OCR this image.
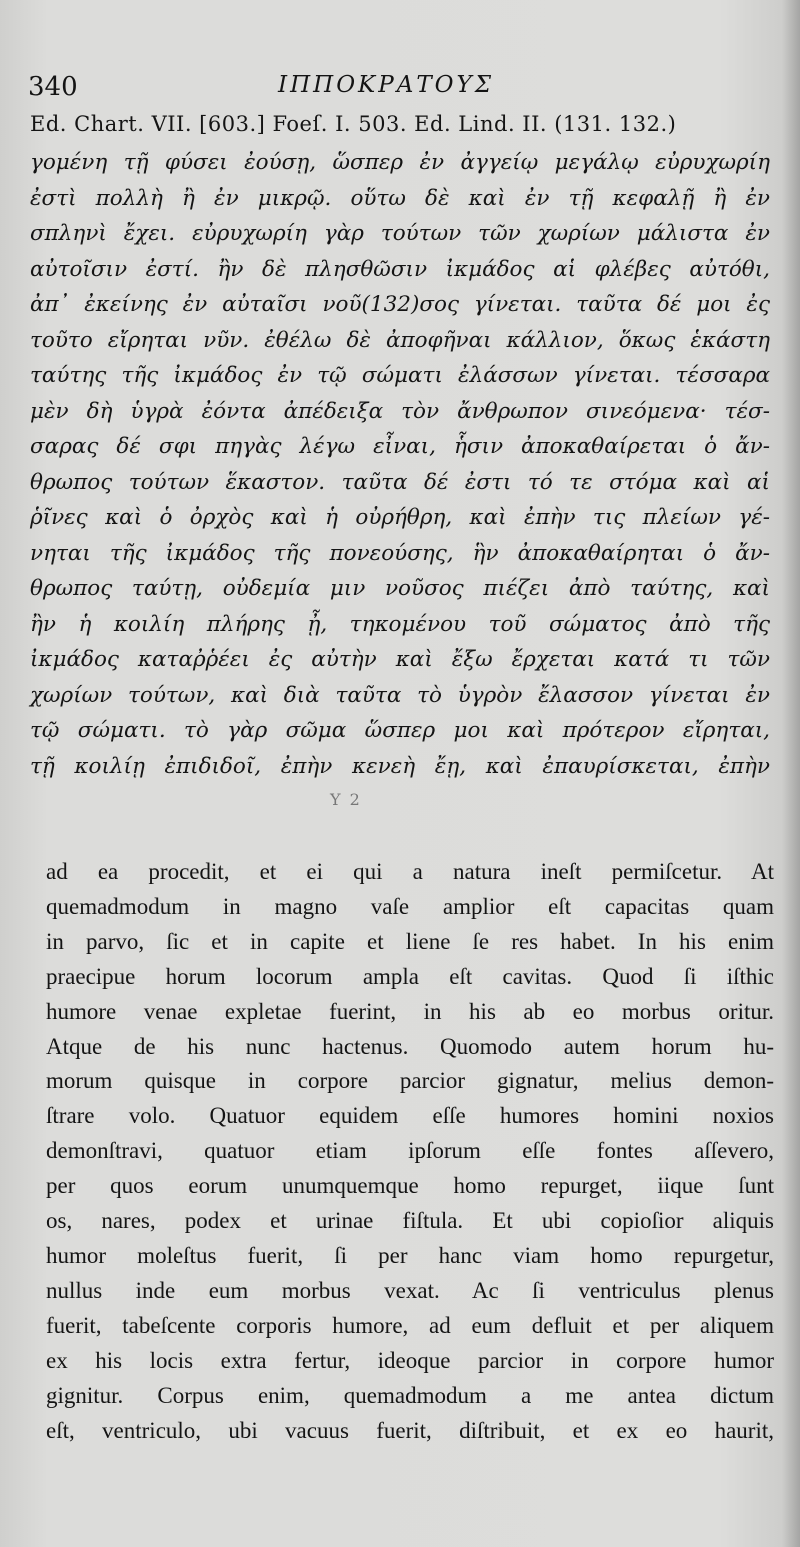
340	ΙΠΠΟΚΡΑΤΟΥΣ
Ed. Chart. VII. [603.] Foeſ. I. 503. Ed. Lind. II. (131. 132.)
γομένη τῇ φύσει ἐούσῃ, ὥσπερ ἐν ἀγγείῳ μεγάλῳ εὐρυχωρίη
ἐστὶ πολλὴ ἢ ἐν μικρῷ. οὕτω δὲ καὶ ἐν τῇ κεφαλῇ ἢ ἐν
σπληνὶ ἔχει. εὐρυχωρίη γὰρ τούτων τῶν χωρίων μάλιστα ἐν
αὐτοῖσιν ἐστί. ἢν δὲ πλησθῶσιν ἰκμάδος αἱ φλέβες αὐτόθι,
ἀπ᾽ ἐκείνης ἐν αὐταῖσι νοῦ(132)σος γίνεται. ταῦτα δέ μοι ἐς
τοῦτο εἴρηται νῦν. ἐθέλω δὲ ἀποφῆναι κάλλιον, ὅκως ἑκάστη
ταύτης τῆς ἰκμάδος ἐν τῷ σώματι ἐλάσσων γίνεται. τέσσαρα
μὲν δὴ ὑγρὰ ἐόντα ἀπέδειξα τὸν ἄνθρωπον σινεόμενα· τέσ-
σαρας δέ σφι πηγὰς λέγω εἶναι, ἧσιν ἀποκαθαίρεται ὁ ἄν-
θρωπος τούτων ἕκαστον. ταῦτα δέ ἐστι τό τε στόμα καὶ αἱ
ῥῖνες καὶ ὁ ὀρχὸς καὶ ἡ οὐρήθρη, καὶ ἐπὴν τις πλείων γέ-
νηται τῆς ἰκμάδος τῆς πονεούσης, ἣν ἀποκαθαίρηται ὁ ἄν-
θρωπος ταύτῃ, οὐδεμία μιν νοῦσος πιέζει ἀπὸ ταύτης, καὶ
ἢν ἡ κοιλίη πλήρης ᾖ, τηκομένου τοῦ σώματος ἀπὸ τῆς
ἰκμάδος καταῤῥέει ἐς αὐτὴν καὶ ἔξω ἔρχεται κατά τι τῶν
χωρίων τούτων, καὶ διὰ ταῦτα τὸ ὑγρὸν ἔλασσον γίνεται ἐν
τῷ σώματι. τὸ γὰρ σῶμα ὥσπερ μοι καὶ πρότερον εἴρηται,
τῇ κοιλίῃ ἐπιδιδοῖ, ἐπὴν κενεὴ ἔῃ, καὶ ἐπαυρίσκεται, ἐπὴν
Y 2
ad ea procedit, et ei qui a natura ineſt permiſcetur. At
quemadmodum in magno vaſe amplior eſt capacitas quam
in parvo, ſic et in capite et liene ſe res habet. In his enim
praecipue horum locorum ampla eſt cavitas. Quod ſi iſthic
humore venae expletae fuerint, in his ab eo morbus oritur.
Atque de his nunc hactenus. Quomodo autem horum hu-
morum quisque in corpore parcior gignatur, melius demon-
ſtrare volo. Quatuor equidem eſſe humores homini noxios
demonſtravi, quatuor etiam ipſorum eſſe fontes aſſevero,
per quos eorum unumquemque homo repurget, iique ſunt
os, nares, podex et urinae fiſtula. Et ubi copioſior aliquis
humor moleſtus fuerit, ſi per hanc viam homo repurgetur,
nullus inde eum morbus vexat. Ac ſi ventriculus plenus
fuerit, tabeſcente corporis humore, ad eum defluit et per aliquem
ex his locis extra fertur, ideoque parcior in corpore humor
gignitur. Corpus enim, quemadmodum a me antea dictum
eſt, ventriculo, ubi vacuus fuerit, diſtribuit, et ex eo haurit,
